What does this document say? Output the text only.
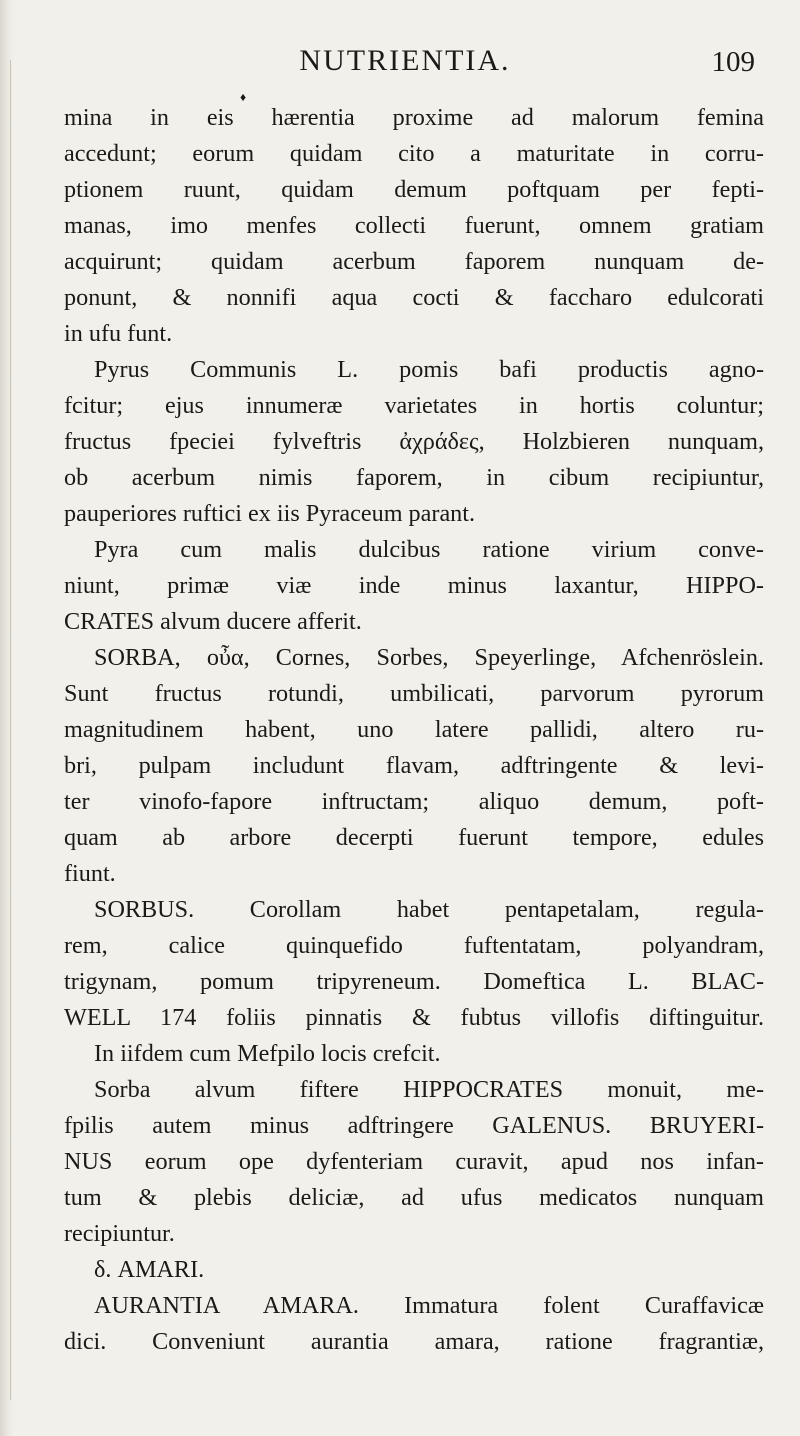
NUTRIENTIA.	109
♦
mina in eis hærentia proxime ad malorum femina
accedunt; eorum quidam cito a maturitate in corru-
ptionem ruunt, quidam demum poftquam per fepti-
manas, imo menfes collecti fuerunt, omnem gratiam
acquirunt; quidam acerbum faporem nunquam de-
ponunt, & nonnifi aqua cocti & faccharo edulcorati
in ufu funt.
Pyrus Communis L. pomis bafi productis agno-
fcitur; ejus innumeræ varietates in hortis coluntur;
fructus fpeciei fylveftris ἀχράδες, Holzbieren nunquam,
ob acerbum nimis faporem, in cibum recipiuntur,
pauperiores ruftici ex iis Pyraceum parant.
Pyra cum malis dulcibus ratione virium conve-
niunt, primæ viæ inde minus laxantur, HIPPO-
CRATES alvum ducere afferit.
SORBA, οὖα, Cornes, Sorbes, Speyerlinge, Afchenröslein.
Sunt fructus rotundi, umbilicati, parvorum pyrorum
magnitudinem habent, uno latere pallidi, altero ru-
bri, pulpam includunt flavam, adftringente & levi-
ter vinofo-fapore inftructam; aliquo demum, poft-
quam ab arbore decerpti fuerunt tempore, edules
fiunt.
SORBUS. Corollam habet pentapetalam, regula-
rem, calice quinquefido fuftentatam, polyandram,
trigynam, pomum tripyreneum. Domeftica L. BLAC-
WELL 174 foliis pinnatis & fubtus villofis diftinguitur.
In iifdem cum Mefpilo locis crefcit.
Sorba alvum fiftere HIPPOCRATES monuit, me-
fpilis autem minus adftringere GALENUS. BRUYERI-
NUS eorum ope dyfenteriam curavit, apud nos infan-
tum & plebis deliciæ, ad ufus medicatos nunquam
recipiuntur.
δ. AMARI.
AURANTIA AMARA. Immatura folent Curaffavicæ
dici. Conveniunt aurantia amara, ratione fragrantiæ,
